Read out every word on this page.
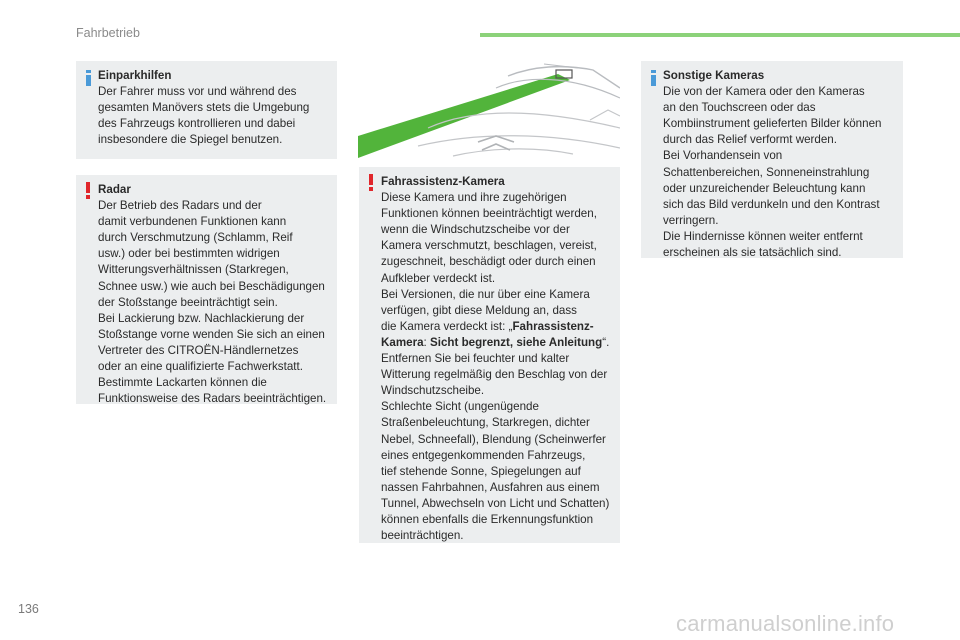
Fahrbetrieb
Einparkhilfen

Der Fahrer muss vor und während des
gesamten Manövers stets die Umgebung
des Fahrzeugs kontrollieren und dabei
insbesondere die Spiegel benutzen.

Radar

Der Betrieb des Radars und der
damit verbundenen Funktionen kann
durch Verschmutzung (Schlamm, Reif
usw.) oder bei bestimmten widrigen
Witterungsverhältnissen (Starkregen,
Schnee usw.) wie auch bei Beschädigungen
der Stoßstange beeinträchtigt sein.
Bei Lackierung bzw. Nachlackierung der
Stoßstange vorne wenden Sie sich an einen
Vertreter des CITROËN-Händlernetzes
oder an eine qualifizierte Fachwerkstatt.
Bestimmte Lackarten können die
Funktionsweise des Radars beeinträchtigen.

Fahrassistenz-Kamera

Diese Kamera und ihre zugehörigen
Funktionen können beeinträchtigt werden,
wenn die Windschutzscheibe vor der
Kamera verschmutzt, beschlagen, vereist,
zugeschneit, beschädigt oder durch einen
Aufkleber verdeckt ist.
Bei Versionen, die nur über eine Kamera
verfügen, gibt diese Meldung an, dass
die Kamera verdeckt ist: „Fahrassistenz-
Kamera: Sicht begrenzt, siehe Anleitung“.
Entfernen Sie bei feuchter und kalter
Witterung regelmäßig den Beschlag von der
Windschutzscheibe.
Schlechte Sicht (ungenügende
Straßenbeleuchtung, Starkregen, dichter
Nebel, Schneefall), Blendung (Scheinwerfer
eines entgegenkommenden Fahrzeugs,
tief stehende Sonne, Spiegelungen auf
nassen Fahrbahnen, Ausfahren aus einem
Tunnel, Abwechseln von Licht und Schatten)
können ebenfalls die Erkennungsfunktion
beeinträchtigen.

Sonstige Kameras

Die von der Kamera oder den Kameras
an den Touchscreen oder das
Kombiinstrument gelieferten Bilder können
durch das Relief verformt werden.
Bei Vorhandensein von
Schattenbereichen, Sonneneinstrahlung
oder unzureichender Beleuchtung kann
sich das Bild verdunkeln und den Kontrast
verringern.
Die Hindernisse können weiter entfernt
erscheinen als sie tatsächlich sind.

136
carmanualsonline.info
